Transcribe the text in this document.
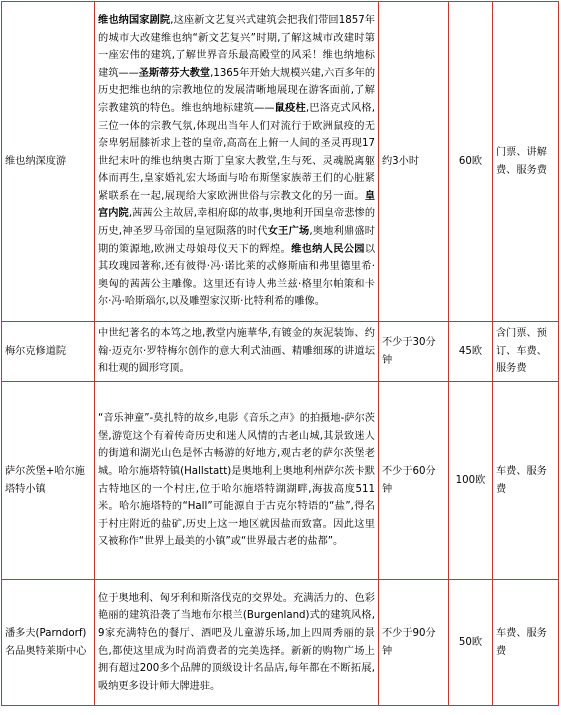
维也纳深度游	维也纳国家剧院,这座新文艺复兴式建筑会把我们带回1857年的城市大改建维也纳“新文艺复兴”时期,了解这城市改建时第一座宏伟的建筑,了解世界音乐最高殿堂的风采！维也纳地标建筑——圣斯蒂芬大教堂,1365年开始大规模兴建,六百多年的历史把维也纳的宗教地位的发展清晰地展现在游客面前,了解宗教建筑的特色。维也纳地标建筑——鼠疫柱,巴洛克式风格,三位一体的宗教气氛,体现出当年人们对流行于欧洲鼠疫的无奈卑躬屈膝祈求上苍的皇帝,高高在上俯一人间的圣灵再现17世纪末叶的维也纳奥古斯丁皇家大教堂,生与死、灵魂脱离躯体而再生,皇家婚礼宏大场面与哈布斯堡家族蒂王们的心脏紧紧联系在一起,展现给大家欧洲世俗与宗教文化的另一面。皇宫内院,茜茜公主故居,幸相府邸的故事,奥地利开国皇帝悲惨的历史,神圣罗马帝国的皇冠陨落的时代女王广场,奥地利鼎盛时期的策源地,欧洲丈母娘母仪天下的辉煌。维也纳人民公园以其玫瑰园著称,还有彼得·冯·诺比莱的忒修斯庙和弗里德里希·奥匈的茜茜公主雕像。这里还有诗人弗兰兹·格里尔帕策和卡尔·冯·哈斯瑙尔,以及雕塑家汉斯·比特利希的雕像。	约3小时	60欧	门票、讲解费、服务费
梅尔克修道院	中世纪著名的本笃之地,教堂内施華华,有镀金的灰泥装饰、约翰·迈克尔·罗特梅尔创作的意大利式油画、精雕细琢的讲道坛和壮观的圆形穹顶。	不少于30分钟	45欧	含门票、预订、车费、服务费
萨尔茨堡+哈尔施塔特小镇	“音乐神童”-莫扎特的故乡,电影《音乐之声》的拍摄地-萨尔茨堡,游览这个有着传奇历史和迷人风情的古老山城,其景致迷人的街道和湖光山色是怀古畅游的好地方,观古老的萨尔茨堡老城。哈尔施塔特镇(Hallstatt)是奥地利上奥地利州萨尔茨卡默古特地区的一个村庄,位于哈尔施塔特湖湖畔,海拔高度511米。哈尔施塔特的“Hall”可能源自于古克尔特语的“盐”,得名于村庄附近的盐矿,历史上这一地区就因盐而致富。因此这里又被称作“世界上最美的小镇”或“世界最古老的盐都”。	不少于60分钟	100欧	车费、服务费
潘多夫(Parndorf)名品奥特莱斯中心	位于奥地利、匈牙利和斯洛伐克的交界处。充满活力的、色彩艳丽的建筑沿袭了当地布尔根兰(Burgenland)式的建筑风格,9家充满特色的餐厅、酒吧及儿童游乐场,加上四周秀丽的景色,都使这里成为时尚消费者的完美选择。新新的购物广场上拥有超过200多个品牌的顶级设计名品店,每年都在不断拓展,吸纳更多设计师大牌进驻。	不少于90分钟	50欧	车费、服务费
